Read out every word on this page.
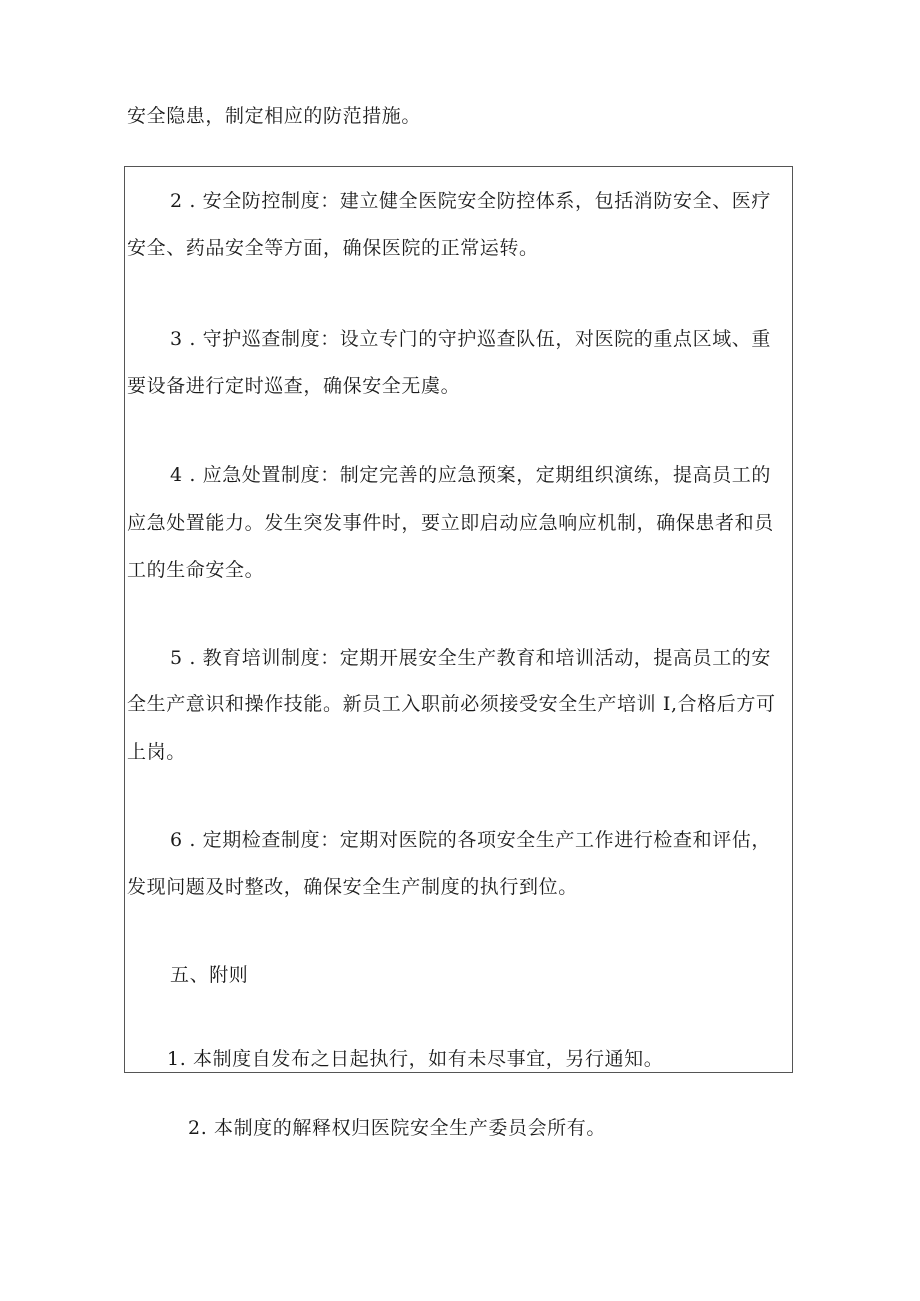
安全隐患，制定相应的防范措施。
2 . 安全防控制度：建立健全医院安全防控体系，包括消防安全、医疗
安全、药品安全等方面，确保医院的正常运转。
3 . 守护巡查制度：设立专门的守护巡查队伍，对医院的重点区域、重
要设备进行定时巡查，确保安全无虞。
4 . 应急处置制度：制定完善的应急预案，定期组织演练，提高员工的
应急处置能力。发生突发事件时，要立即启动应急响应机制，确保患者和员
工的生命安全。
5 . 教育培训制度：定期开展安全生产教育和培训活动，提高员工的安
全生产意识和操作技能。新员工入职前必须接受安全生产培训 I,合格后方可
上岗。
6 . 定期检查制度：定期对医院的各项安全生产工作进行检查和评估，
发现问题及时整改，确保安全生产制度的执行到位。
五、附则
1. 本制度自发布之日起执行，如有未尽事宜，另行通知。
2. 本制度的解释权归医院安全生产委员会所有。
